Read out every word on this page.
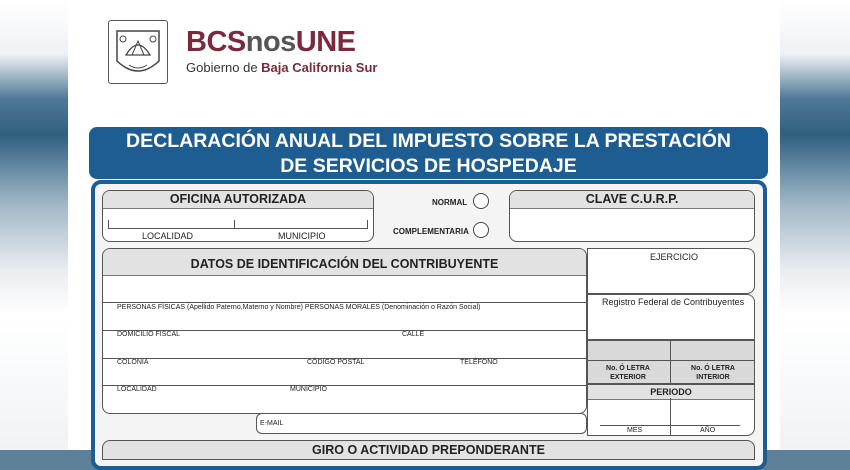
BCSnosUNE
Gobierno de Baja California Sur
DECLARACIÓN ANUAL DEL IMPUESTO SOBRE LA PRESTACIÓN
DE SERVICIOS DE HOSPEDAJE
OFICINA AUTORIZADA
LOCALIDAD	MUNICIPIO
NORMAL
COMPLEMENTARIA
CLAVE C.U.R.P.
DATOS DE IDENTIFICACIÓN DEL CONTRIBUYENTE
PERSONAS FÍSICAS (Apellido Paterno,Materno y Nombre) PERSONAS MORALES (Denominación o Razón Social)
DOMICILIO FISCAL	CALLE
COLONIA	CÓDIGO POSTAL	TELÉFONO
LOCALIDAD	MUNICIPIO
E-MAIL
EJERCICIO
Registro Federal de Contribuyentes
No. Ó LETRA EXTERIOR
No. Ó LETRA INTERIOR
PERIODO
MES	AÑO
GIRO O ACTIVIDAD PREPONDERANTE
